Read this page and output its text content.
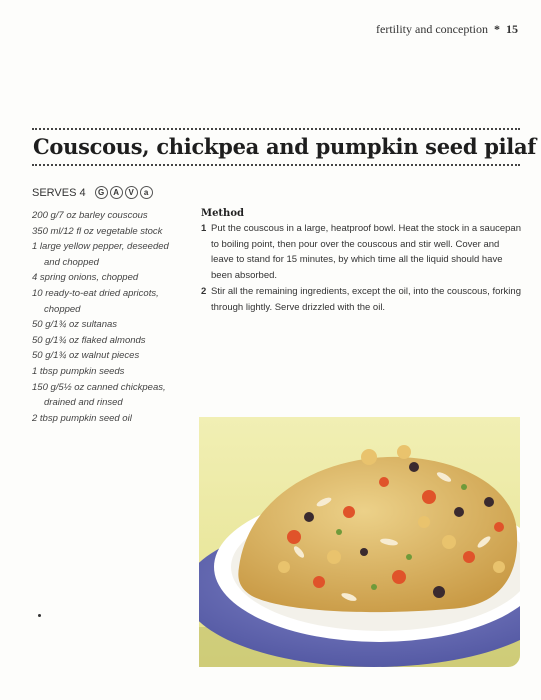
fertility and conception * 15
Couscous, chickpea and pumpkin seed pilaf
SERVES 4	G	A	V	a
200 g/7 oz barley couscous
350 ml/12 fl oz vegetable stock
1 large yellow pepper, deseeded
and chopped
4 spring onions, chopped
10 ready-to-eat dried apricots,
chopped
50 g/1¾ oz sultanas
50 g/1¾ oz flaked almonds
50 g/1¾ oz walnut pieces
1 tbsp pumpkin seeds
150 g/5½ oz canned chickpeas,
drained and rinsed
2 tbsp pumpkin seed oil
Method
1 Put the couscous in a large, heatproof bowl. Heat the stock in a saucepan to boiling point, then pour over the couscous and stir well. Cover and leave to stand for 15 minutes, by which time all the liquid should have been absorbed.
2 Stir all the remaining ingredients, except the oil, into the couscous, forking through lightly. Serve drizzled with the oil.
